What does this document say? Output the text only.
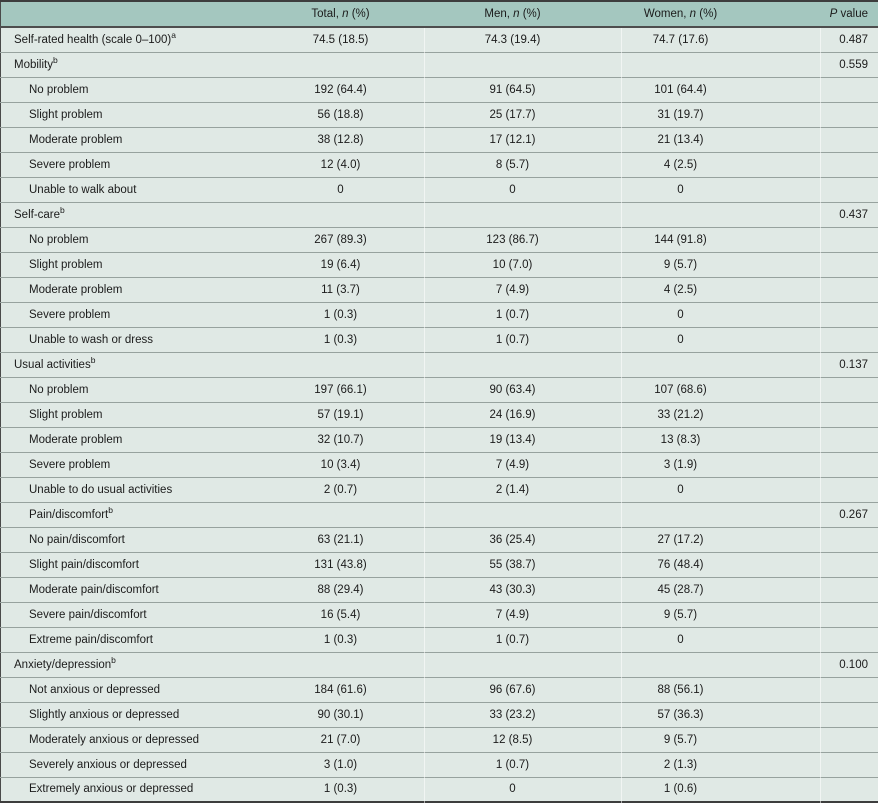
	Total, n (%)	Men, n (%)	Women, n (%)	P value
Self-rated health (scale 0–100)$^a$	74.5 (18.5)	74.3 (19.4)	74.7 (17.6)	0.487
Mobility$^b$				0.559
No problem	192 (64.4)	91 (64.5)	101 (64.4)	
Slight problem	56 (18.8)	25 (17.7)	31 (19.7)	
Moderate problem	38 (12.8)	17 (12.1)	21 (13.4)	
Severe problem	12 (4.0)	8 (5.7)	4 (2.5)	
Unable to walk about	0	0	0	
Self-care$^b$				0.437
No problem	267 (89.3)	123 (86.7)	144 (91.8)	
Slight problem	19 (6.4)	10 (7.0)	9 (5.7)	
Moderate problem	11 (3.7)	7 (4.9)	4 (2.5)	
Severe problem	1 (0.3)	1 (0.7)	0	
Unable to wash or dress	1 (0.3)	1 (0.7)	0	
Usual activities$^b$				0.137
No problem	197 (66.1)	90 (63.4)	107 (68.6)	
Slight problem	57 (19.1)	24 (16.9)	33 (21.2)	
Moderate problem	32 (10.7)	19 (13.4)	13 (8.3)	
Severe problem	10 (3.4)	7 (4.9)	3 (1.9)	
Unable to do usual activities	2 (0.7)	2 (1.4)	0	
Pain/discomfort$^b$				0.267
No pain/discomfort	63 (21.1)	36 (25.4)	27 (17.2)	
Slight pain/discomfort	131 (43.8)	55 (38.7)	76 (48.4)	
Moderate pain/discomfort	88 (29.4)	43 (30.3)	45 (28.7)	
Severe pain/discomfort	16 (5.4)	7 (4.9)	9 (5.7)	
Extreme pain/discomfort	1 (0.3)	1 (0.7)	0	
Anxiety/depression$^b$				0.100
Not anxious or depressed	184 (61.6)	96 (67.6)	88 (56.1)	
Slightly anxious or depressed	90 (30.1)	33 (23.2)	57 (36.3)	
Moderately anxious or depressed	21 (7.0)	12 (8.5)	9 (5.7)	
Severely anxious or depressed	3 (1.0)	1 (0.7)	2 (1.3)	
Extremely anxious or depressed	1 (0.3)	0	1 (0.6)	
